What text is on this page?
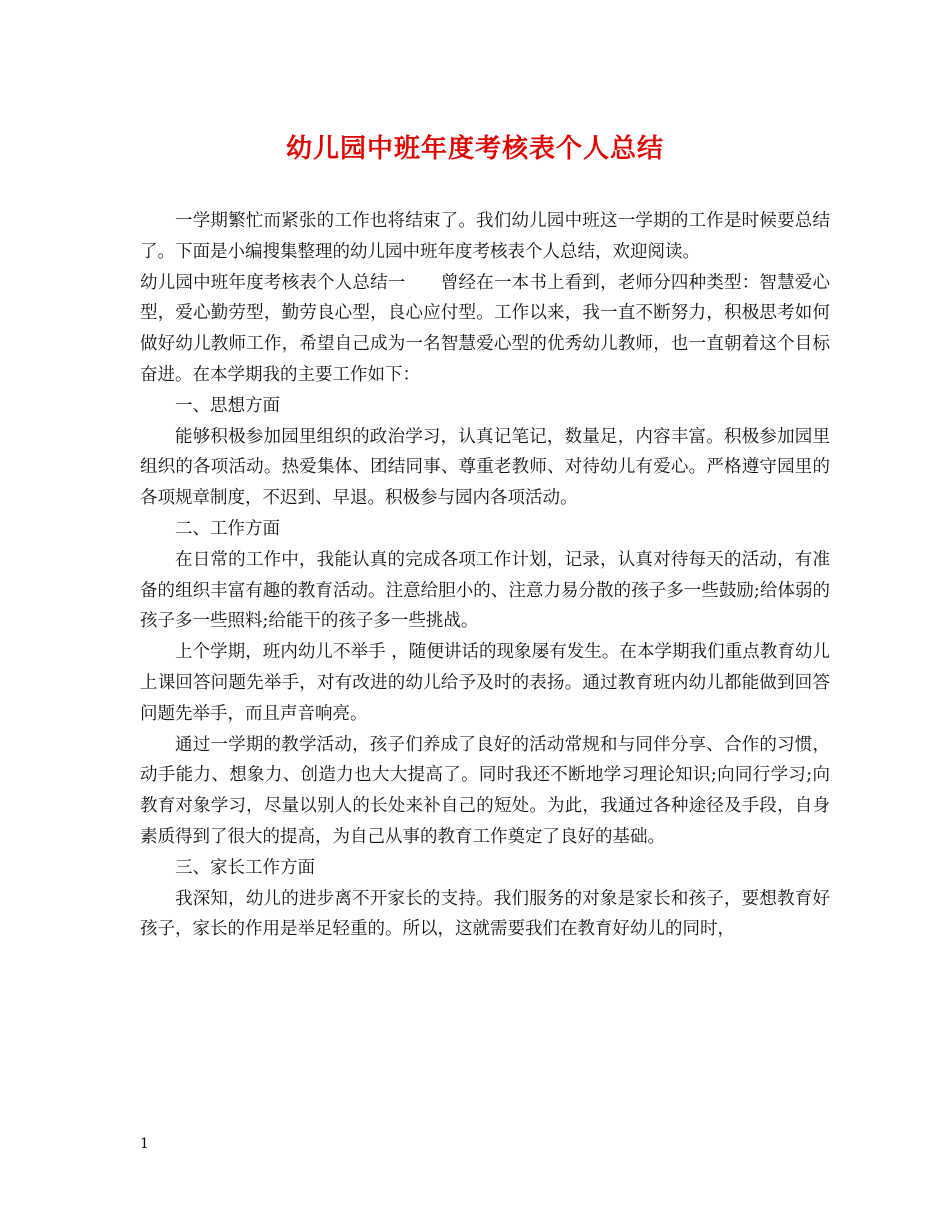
幼儿园中班年度考核表个人总结

一学期繁忙而紧张的工作也将结束了。我们幼儿园中班这一学期的工作是时候要总结了。下面是小编搜集整理的幼儿园中班年度考核表个人总结，欢迎阅读。

幼儿园中班年度考核表个人总结一　　曾经在一本书上看到，老师分四种类型：智慧爱心型，爱心勤劳型，勤劳良心型，良心应付型。工作以来，我一直不断努力，积极思考如何做好幼儿教师工作，希望自己成为一名智慧爱心型的优秀幼儿教师，也一直朝着这个目标奋进。在本学期我的主要工作如下：

一、思想方面

能够积极参加园里组织的政治学习，认真记笔记，数量足，内容丰富。积极参加园里组织的各项活动。热爱集体、团结同事、尊重老教师、对待幼儿有爱心。严格遵守园里的各项规章制度，不迟到、早退。积极参与园内各项活动。

二、工作方面

在日常的工作中，我能认真的完成各项工作计划，记录，认真对待每天的活动，有准备的组织丰富有趣的教育活动。注意给胆小的、注意力易分散的孩子多一些鼓励;给体弱的孩子多一些照料;给能干的孩子多一些挑战。

上个学期，班内幼儿不举手 ，随便讲话的现象屡有发生。在本学期我们重点教育幼儿上课回答问题先举手，对有改进的幼儿给予及时的表扬。通过教育班内幼儿都能做到回答问题先举手，而且声音响亮。

通过一学期的教学活动，孩子们养成了良好的活动常规和与同伴分享、合作的习惯，动手能力、想象力、创造力也大大提高了。同时我还不断地学习理论知识;向同行学习;向教育对象学习，尽量以别人的长处来补自己的短处。为此，我通过各种途径及手段，自身素质得到了很大的提高，为自己从事的教育工作奠定了良好的基础。

三、家长工作方面

我深知，幼儿的进步离不开家长的支持。我们服务的对象是家长和孩子，要想教育好孩子，家长的作用是举足轻重的。所以，这就需要我们在教育好幼儿的同时，

1
